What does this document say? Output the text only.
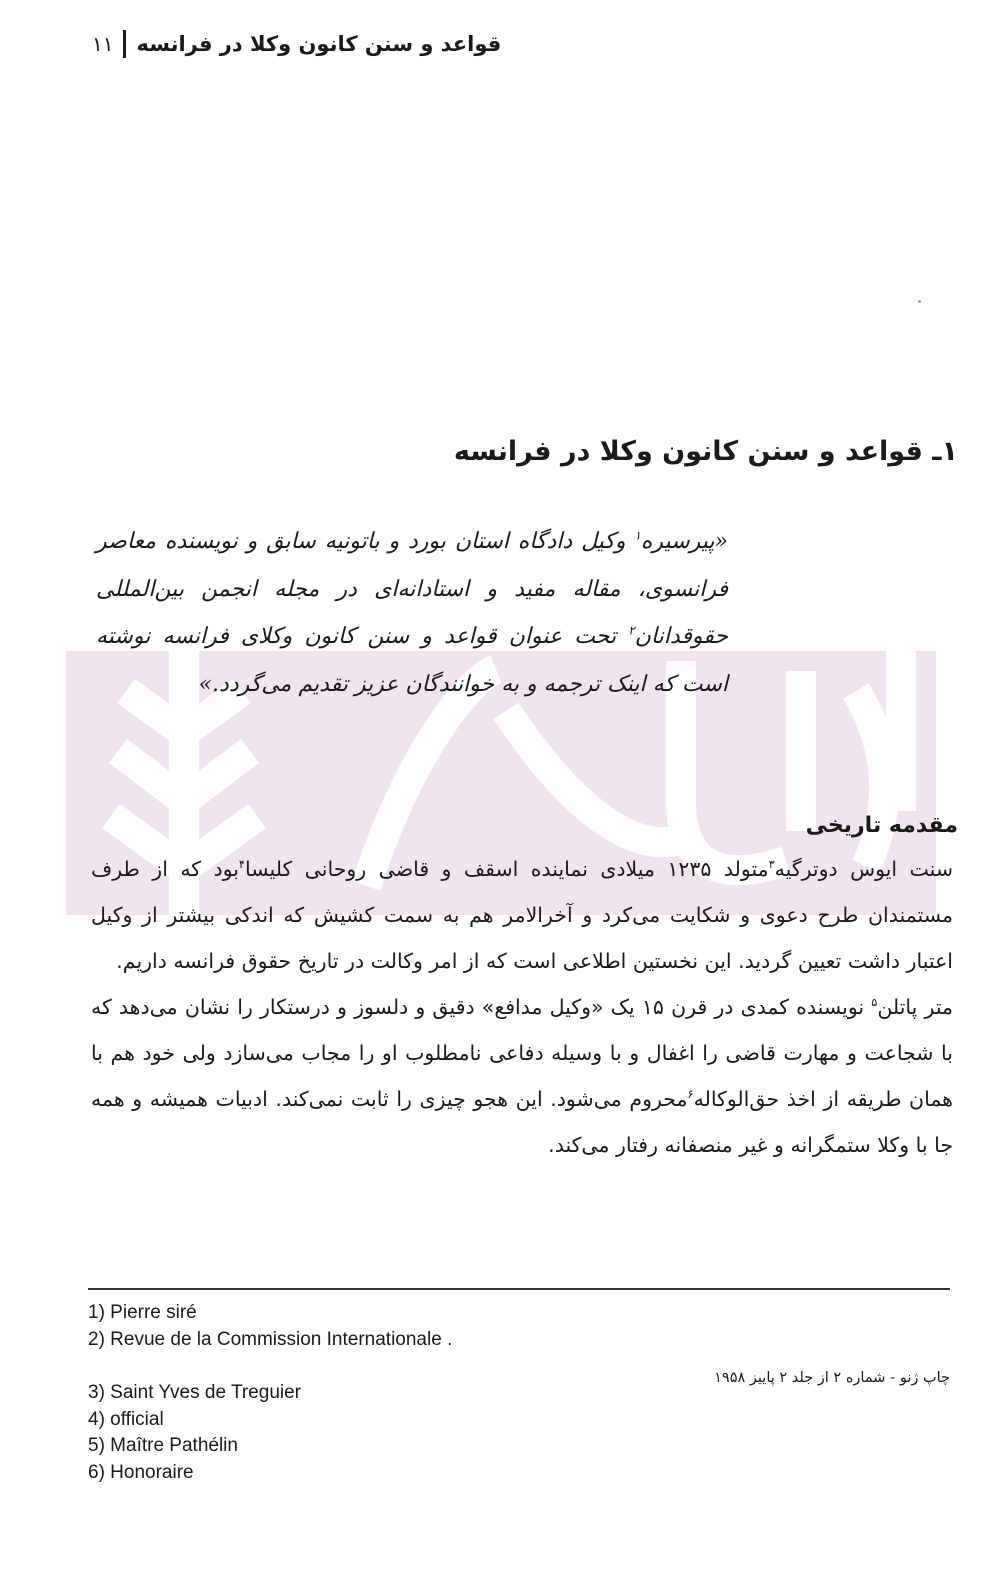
۱۱ قواعد و سنن کانون وکلا در فرانسه
۱ـ قواعد و سنن کانون وکلا در فرانسه
«پیرسیره$^۱$ وکیل دادگاه استان بورد و باتونیه سابق و نویسنده معاصر فرانسوی، مقاله مفید و استادانه‌ای در مجله انجمن بین‌المللی حقوقدانان$^۲$ تحت عنوان قواعد و سنن کانون وکلای فرانسه نوشته است که اینک ترجمه و به خوانندگان عزیز تقدیم می‌گردد.»
مقدمه تاریخی

سنت ایوس دوترگیه$^۳$متولد ۱۲۳۵ میلادی نماینده اسقف و قاضی روحانی کلیسا$^۴$بود که از طرف مستمندان طرح دعوی و شکایت می‌کرد و آخرالامر هم به سمت کشیش که اندکی بیشتر از وکیل اعتبار داشت تعیین گردید. این نخستین اطلاعی است که از امر وکالت در تاریخ حقوق فرانسه داریم.

متر پاتلن$^۵$ نویسنده کمدی در قرن ۱۵ یک «وکیل مدافع» دقیق و دلسوز و درستکار را نشان می‌دهد که با شجاعت و مهارت قاضی را اغفال و با وسیله دفاعی نامطلوب او را مجاب می‌سازد ولی خود هم با همان طریقه از اخذ حق‌الوکاله$^۶$محروم می‌شود. این هجو چیزی را ثابت نمی‌کند. ادبیات همیشه و همه جا با وکلا ستمگرانه و غیر منصفانه رفتار می‌کند.

1) Pierre siré
2) Revue de la Commission Internationale .
3) Saint Yves de Treguier
4) official
5) Maître Pathélin
6) Honoraire
چاپ ژنو - شماره ۲ از جلد ۲ پاییز ۱۹۵۸
